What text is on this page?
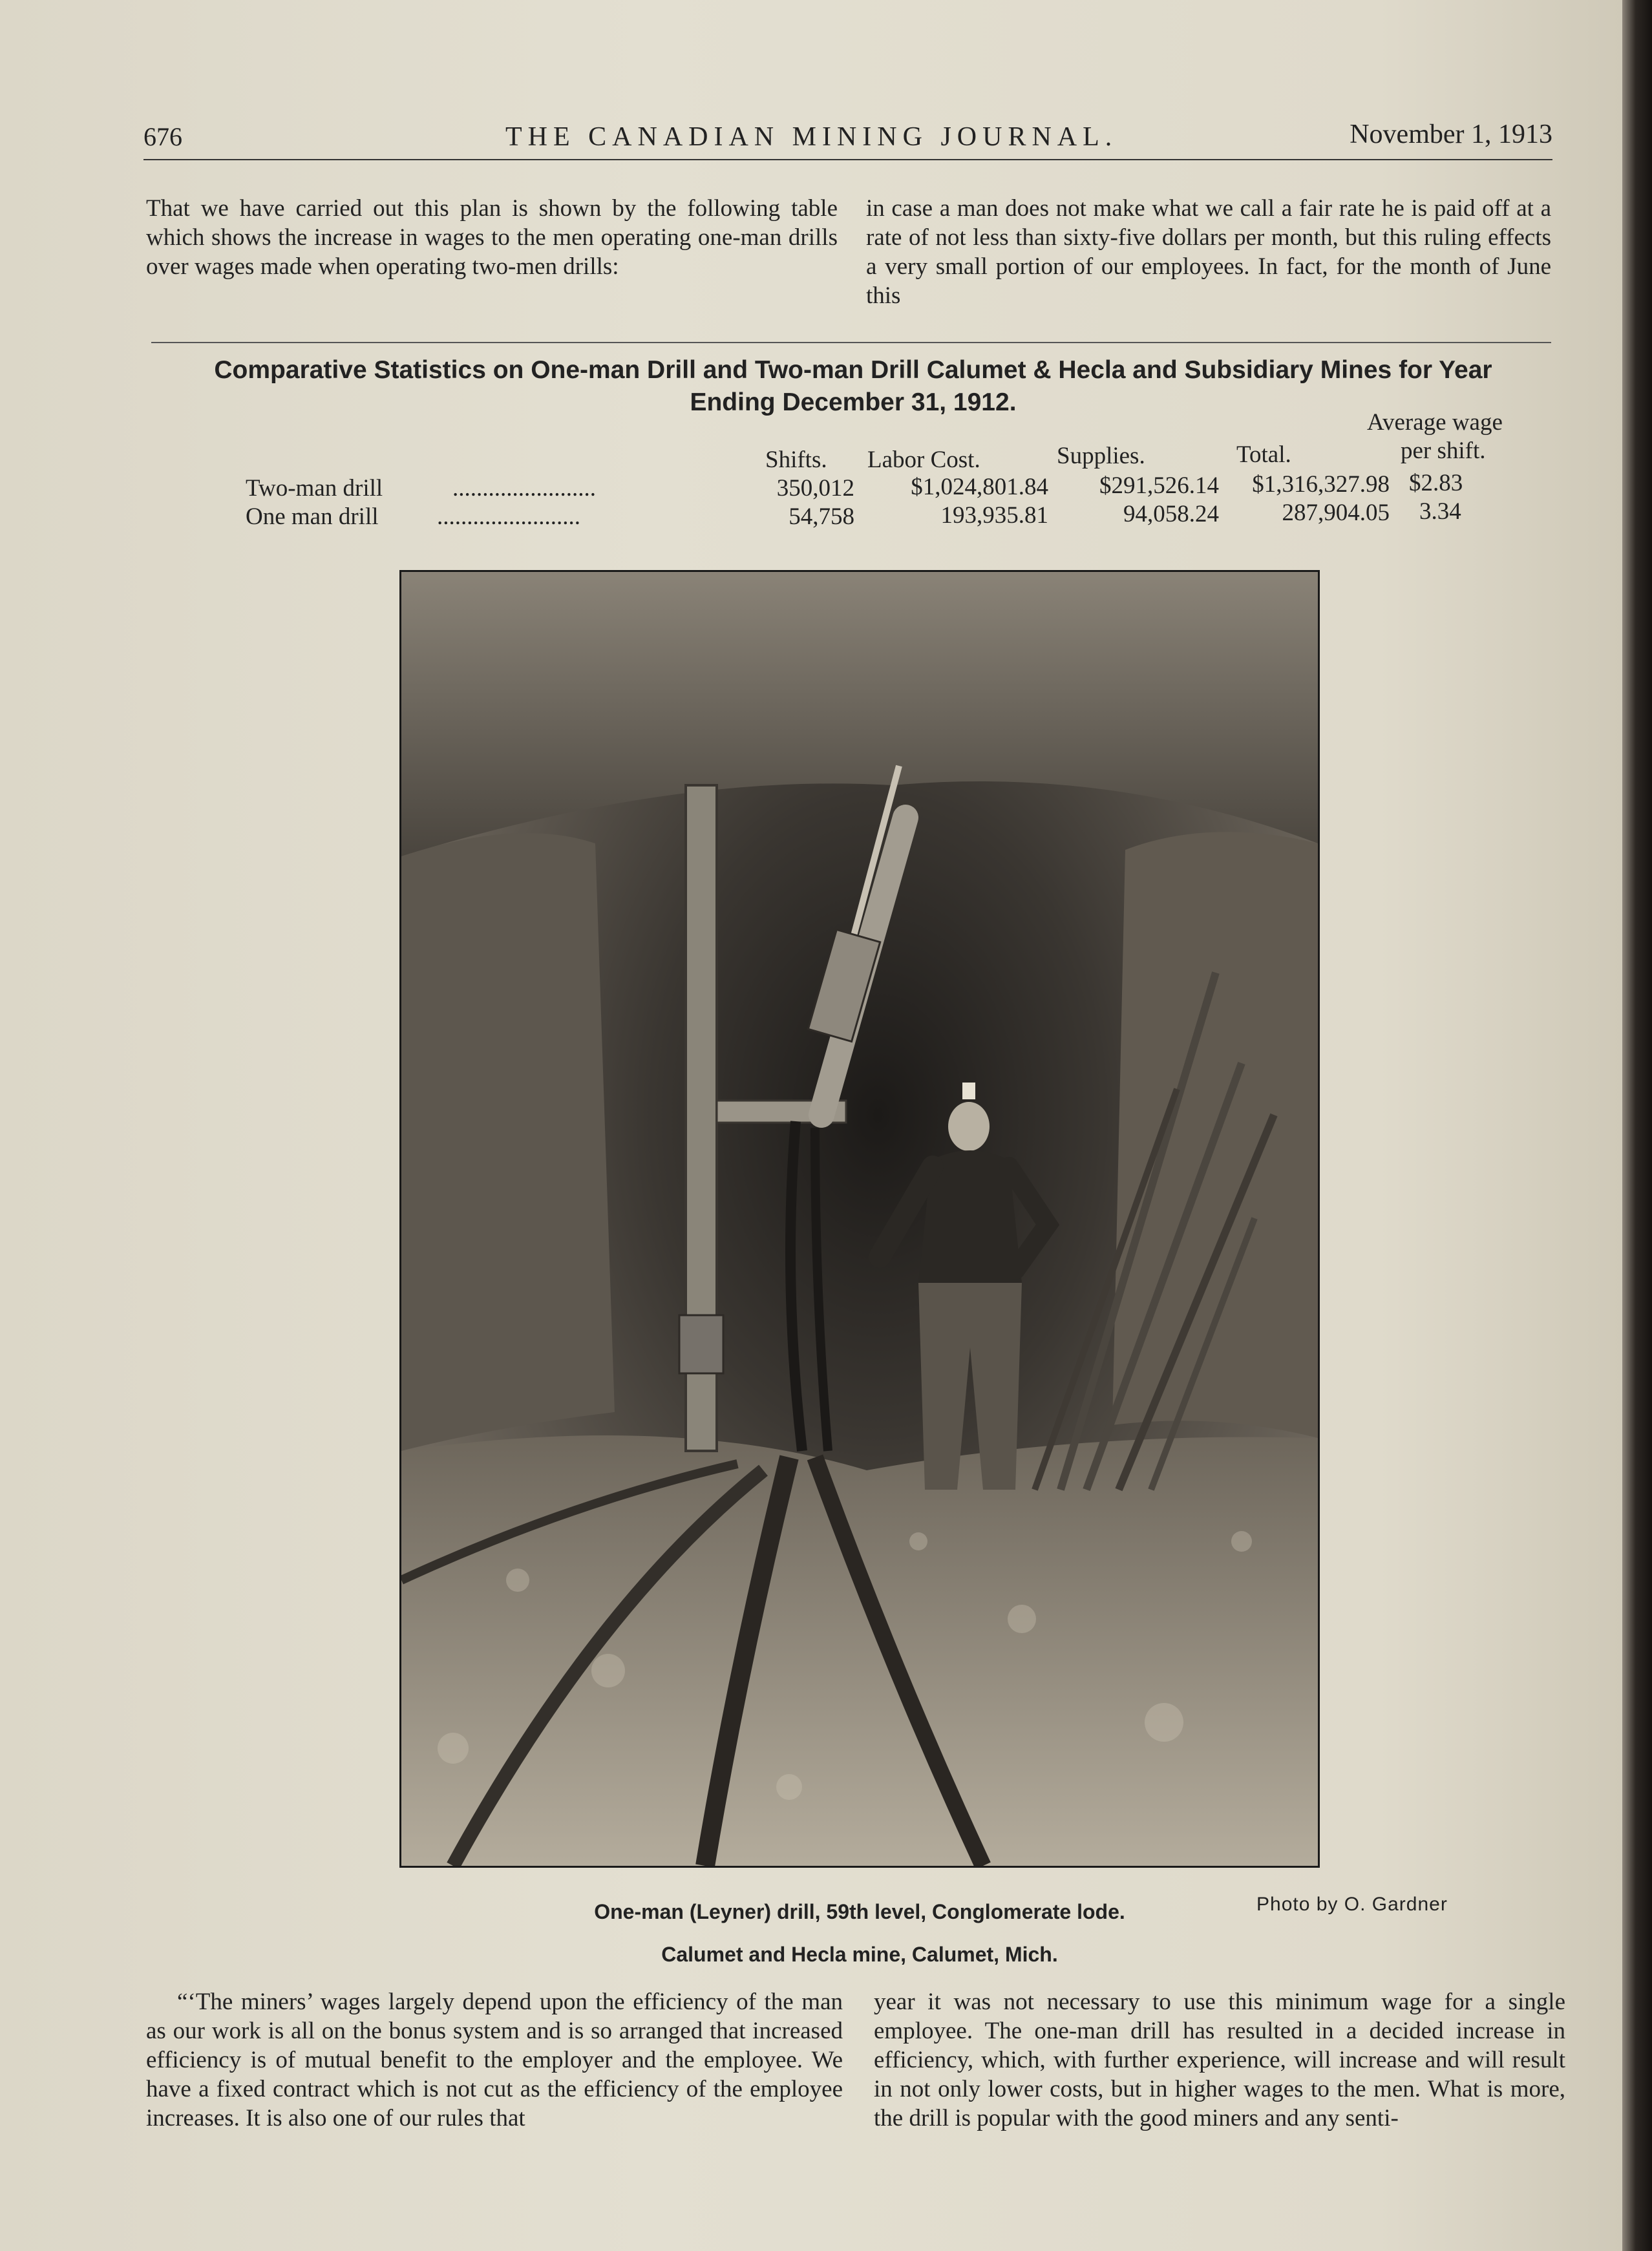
676	THE CANADIAN MINING JOURNAL.	November 1, 1913

That we have carried out this plan is shown by the following table which shows the increase in wages to the men operating one-man drills over wages made when operating two-men drills:

in case a man does not make what we call a fair rate he is paid off at a rate of not less than sixty-five dollars per month, but this ruling effects a very small portion of our employees. In fact, for the month of June this

Comparative Statistics on One-man Drill and Two-man Drill Calumet & Hecla and Subsidiary Mines for Year
Ending December 31, 1912.
Average wage
per shift.
Shifts. Labor Cost.	Supplies.	Total.
Two-man drill	........................	350,012	$1,024,801.84	$291,526.14	$1,316,327.98 $2.83
One man drill ........................	54,758	193,935.81	94,058.24	287,904.05 3.34
One-man (Leyner) drill, 59th level, Conglomerate lode.
Calumet and Hecla mine, Calumet, Mich.
Photo by O. Gardner

“‘The miners’ wages largely depend upon the efficiency of the man as our work is all on the bonus system and is so arranged that increased efficiency is of mutual benefit to the employer and the employee. We have a fixed contract which is not cut as the efficiency of the employee increases. It is also one of our rules that

year it was not necessary to use this minimum wage for a single employee. The one-man drill has resulted in a decided increase in efficiency, which, with further experience, will increase and will result in not only lower costs, but in higher wages to the men. What is more, the drill is popular with the good miners and any senti-
